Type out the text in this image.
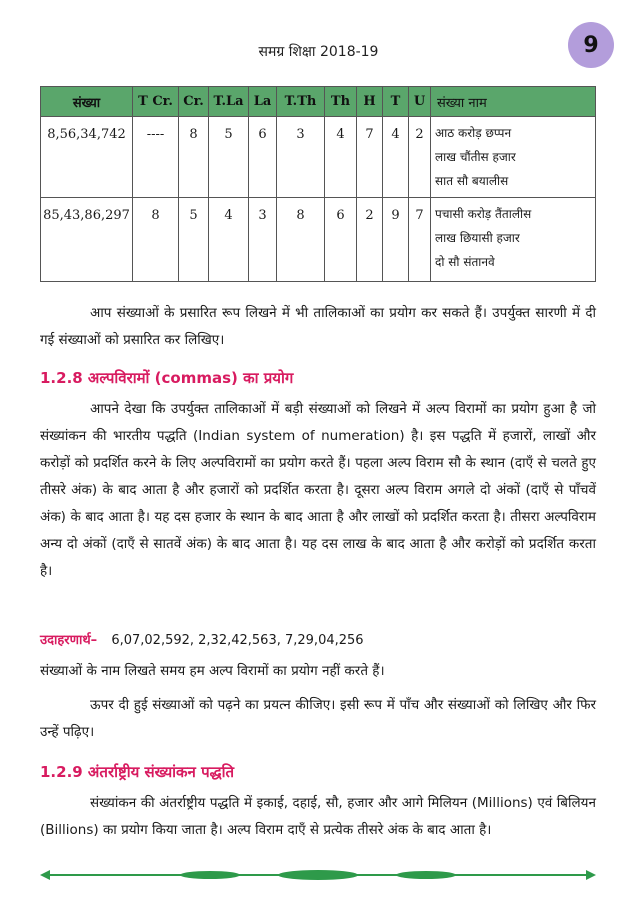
समग्र शिक्षा 2018-19	9
संख्या	T Cr.	Cr.	T.La	La	T.Th	Th	H	T	U	संख्या नाम
8,56,34,742	----	8	5	6	3	4	7	4	2	आठ करोड़ छप्पन
लाख चौंतीस हजार
सात सौ बयालीस

85,43,86,297	8	5	4	3	8	6	2	9	7	पचासी करोड़ तैंतालीस
लाख छियासी हजार
दो सौ संतानवे

आप संख्याओं के प्रसारित रूप लिखने में भी तालिकाओं का प्रयोग कर सकते हैं। उपर्युक्त सारणी में दी गई संख्याओं को प्रसारित कर लिखिए।

1.2.8 अल्पविरामों (commas) का प्रयोग

आपने देखा कि उपर्युक्त तालिकाओं में बड़ी संख्याओं को लिखने में अल्प विरामों का प्रयोग हुआ है जो संख्यांकन की भारतीय पद्धति (Indian system of numeration) है। इस पद्धति में हजारों, लाखों और करोड़ों को प्रदर्शित करने के लिए अल्पविरामों का प्रयोग करते हैं। पहला अल्प विराम सौ के स्थान (दाएँ से चलते हुए तीसरे अंक) के बाद आता है और हजारों को प्रदर्शित करता है। दूसरा अल्प विराम अगले दो अंकों (दाएँ से पाँचवें अंक) के बाद आता है। यह दस हजार के स्थान के बाद आता है और लाखों को प्रदर्शित करता है। तीसरा अल्पविराम अन्य दो अंकों (दाएँ से सातवें अंक) के बाद आता है। यह दस लाख के बाद आता है और करोड़ों को प्रदर्शित करता है।

उदाहरणार्थ– 6,07,02,592, 2,32,42,563, 7,29,04,256

संख्याओं के नाम लिखते समय हम अल्प विरामों का प्रयोग नहीं करते हैं।

ऊपर दी हुई संख्याओं को पढ़ने का प्रयत्न कीजिए। इसी रूप में पाँच और संख्याओं को लिखिए और फिर उन्हें पढ़िए।

1.2.9 अंतर्राष्ट्रीय संख्यांकन पद्धति

संख्यांकन की अंतर्राष्ट्रीय पद्धति में इकाई, दहाई, सौ, हजार और आगे मिलियन (Millions) एवं बिलियन (Billions) का प्रयोग किया जाता है। अल्प विराम दाएँ से प्रत्येक तीसरे अंक के बाद आता है।
